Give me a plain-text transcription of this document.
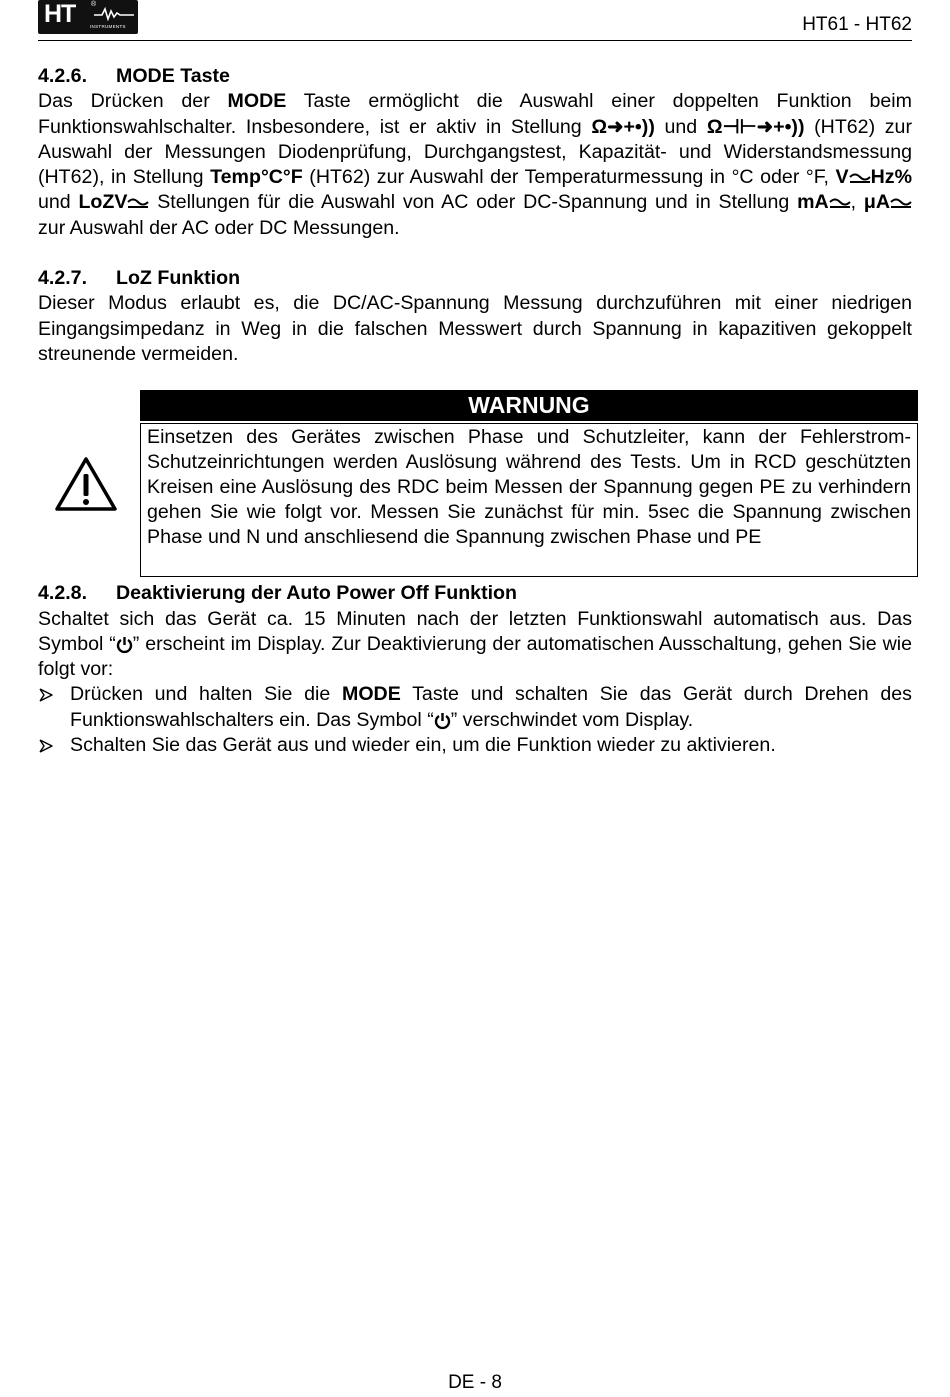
HT ®
INSTRUMENTS	HT61 - HT62
4.2.6. MODE Taste

Das Drücken der MODE Taste ermöglicht die Auswahl einer doppelten Funktion beim Funktionswahlschalter. Insbesondere, ist er aktiv in Stellung Ω➜+•)) und Ω⊣⊢➜+•)) (HT62) zur Auswahl der Messungen Diodenprüfung, Durchgangstest, Kapazität- und Widerstandsmessung (HT62), in Stellung Temp°C°F (HT62) zur Auswahl der Temperaturmessung in °C oder °F, V Hz% und LoZV Stellungen für die Auswahl von AC oder DC-Spannung und in Stellung mA , μA zur Auswahl der AC oder DC Messungen.

4.2.7. LoZ Funktion

Dieser Modus erlaubt es, die DC/AC-Spannung Messung durchzuführen mit einer niedrigen Eingangsimpedanz in Weg in die falschen Messwert durch Spannung in kapazitiven gekoppelt streunende vermeiden.

WARNUNG

Einsetzen des Gerätes zwischen Phase und Schutzleiter, kann der Fehlerstrom-Schutzeinrichtungen werden Auslösung während des Tests. Um in RCD geschützten Kreisen eine Auslösung des RDC beim Messen der Spannung gegen PE zu verhindern gehen Sie wie folgt vor. Messen Sie zunächst für min. 5sec die Spannung zwischen Phase und N und anschliesend die Spannung zwischen Phase und PE

4.2.8. Deaktivierung der Auto Power Off Funktion

Schaltet sich das Gerät ca. 15 Minuten nach der letzten Funktionswahl automatisch aus. Das Symbol “ ” erscheint im Display. Zur Deaktivierung der automatischen Ausschaltung, gehen Sie wie folgt vor:

Drücken und halten Sie die MODE Taste und schalten Sie das Gerät durch Drehen des Funktionswahlschalters ein. Das Symbol “ ” verschwindet vom Display.
Schalten Sie das Gerät aus und wieder ein, um die Funktion wieder zu aktivieren.
DE - 8
